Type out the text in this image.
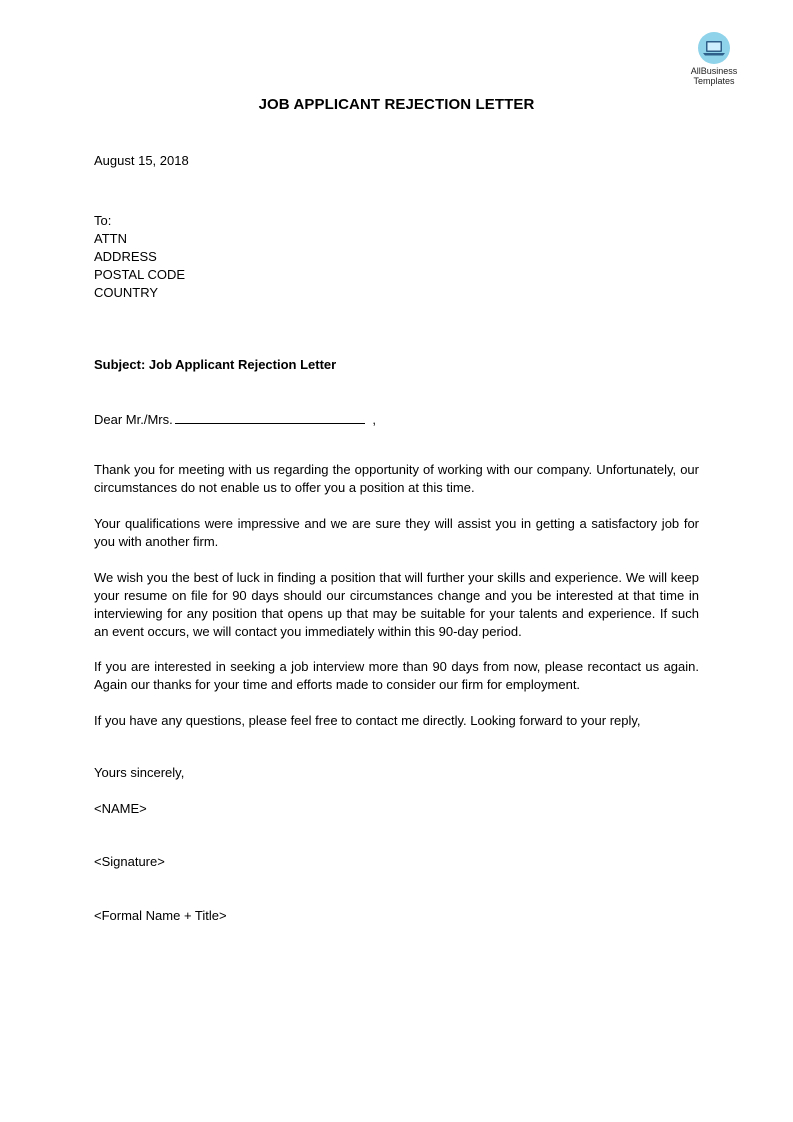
AllBusiness
Templates
JOB APPLICANT REJECTION LETTER
August 15, 2018
To:
ATTN
ADDRESS
POSTAL CODE
COUNTRY
Subject: Job Applicant Rejection Letter
Dear Mr./Mrs.	,
Thank you for meeting with us regarding the opportunity of working with our company. Unfortunately, our circumstances do not enable us to offer you a position at this time.
Your qualifications were impressive and we are sure they will assist you in getting a satisfactory job for you with another firm.
We wish you the best of luck in finding a position that will further your skills and experience. We will keep your resume on file for 90 days should our circumstances change and you be interested at that time in interviewing for any position that opens up that may be suitable for your talents and experience. If such an event occurs, we will contact you immediately within this 90-day period.
If you are interested in seeking a job interview more than 90 days from now, please recontact us again. Again our thanks for your time and efforts made to consider our firm for employment.
If you have any questions, please feel free to contact me directly. Looking forward to your reply,
Yours sincerely,
<NAME>
<Signature>
<Formal Name + Title>
